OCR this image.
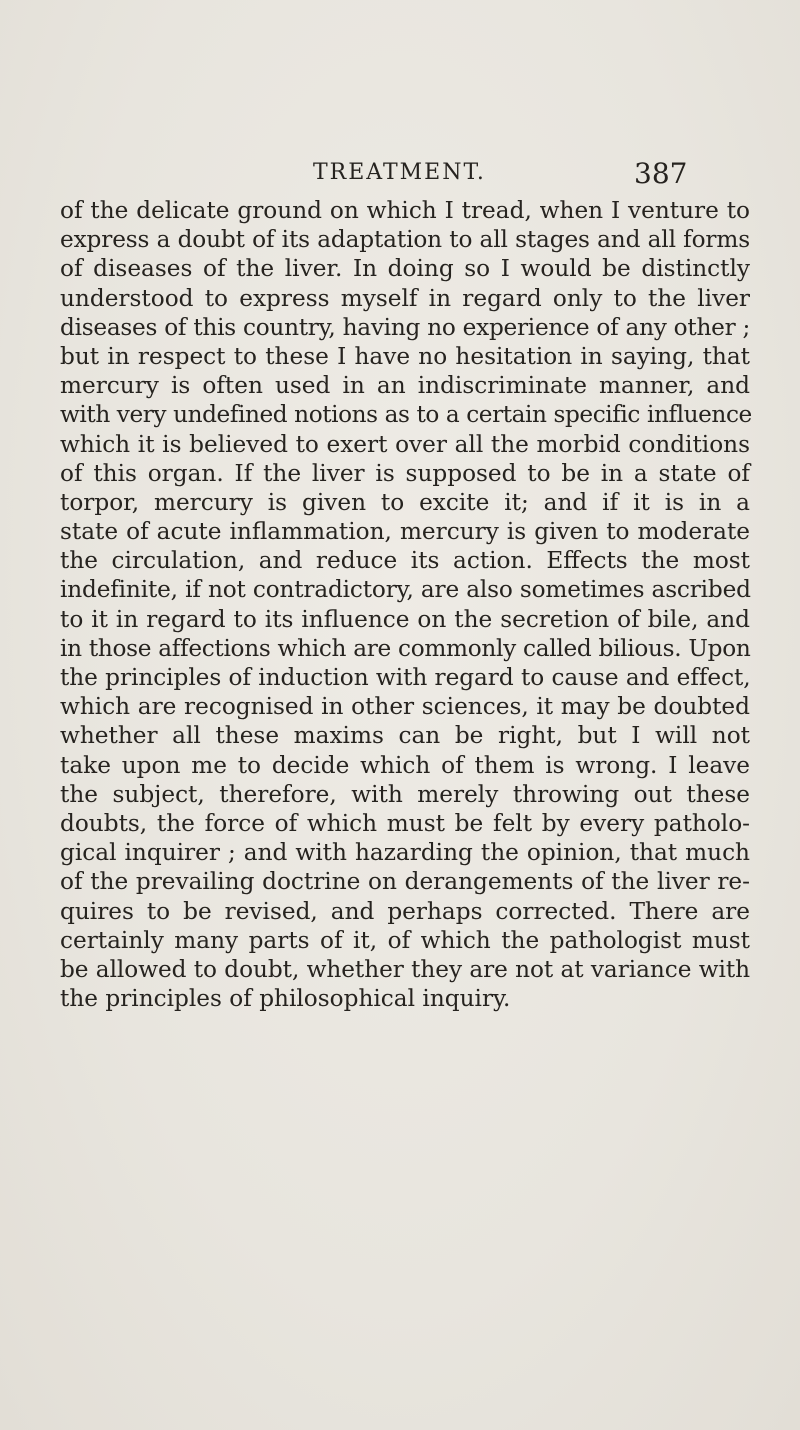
TREATMENT.	387
of the delicate ground on which I tread, when I venture to
express a doubt of its adaptation to all stages and all forms
of diseases of the liver. In doing so I would be distinctly
understood to express myself in regard only to the liver
diseases of this country, having no experience of any other ;
but in respect to these I have no hesitation in saying, that
mercury is often used in an indiscriminate manner, and
with very undefined notions as to a certain specific influence
which it is believed to exert over all the morbid conditions
of this organ. If the liver is supposed to be in a state of
torpor, mercury is given to excite it; and if it is in a
state of acute inflammation, mercury is given to moderate
the circulation, and reduce its action. Effects the most
indefinite, if not contradictory, are also sometimes ascribed
to it in regard to its influence on the secretion of bile, and
in those affections which are commonly called bilious. Upon
the principles of induction with regard to cause and effect,
which are recognised in other sciences, it may be doubted
whether all these maxims can be right, but I will not
take upon me to decide which of them is wrong. I leave
the subject, therefore, with merely throwing out these
doubts, the force of which must be felt by every patholo-
gical inquirer ; and with hazarding the opinion, that much
of the prevailing doctrine on derangements of the liver re-
quires to be revised, and perhaps corrected. There are
certainly many parts of it, of which the pathologist must
be allowed to doubt, whether they are not at variance with
the principles of philosophical inquiry.
